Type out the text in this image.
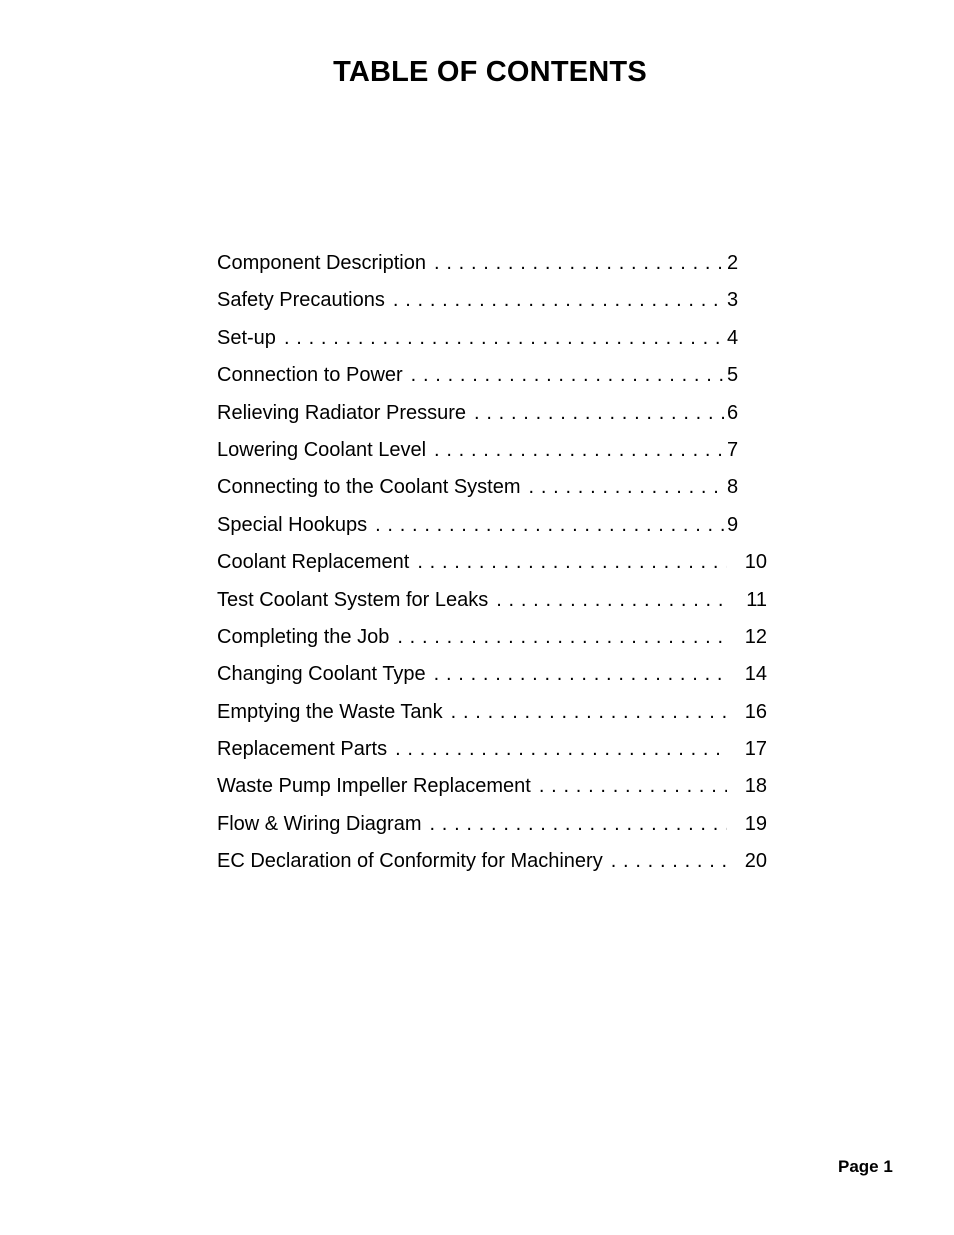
TABLE OF CONTENTS
Component Description . . .	2
Safety Precautions . . .	3
Set-up . . .	4
Connection to Power . . .	5
Relieving Radiator Pressure . . .	6
Lowering Coolant Level . . .	7
Connecting to the Coolant System . . .	8
Special Hookups . . .	9
Coolant Replacement . . .	10
Test Coolant System for Leaks . . .	11
Completing the Job . . .	12
Changing Coolant Type . . .	14
Emptying the Waste Tank . . .	16
Replacement Parts . . .	17
Waste Pump Impeller Replacement . . .	18
Flow & Wiring Diagram . . .	19
EC Declaration of Conformity for Machinery . . .	20
Page 1
